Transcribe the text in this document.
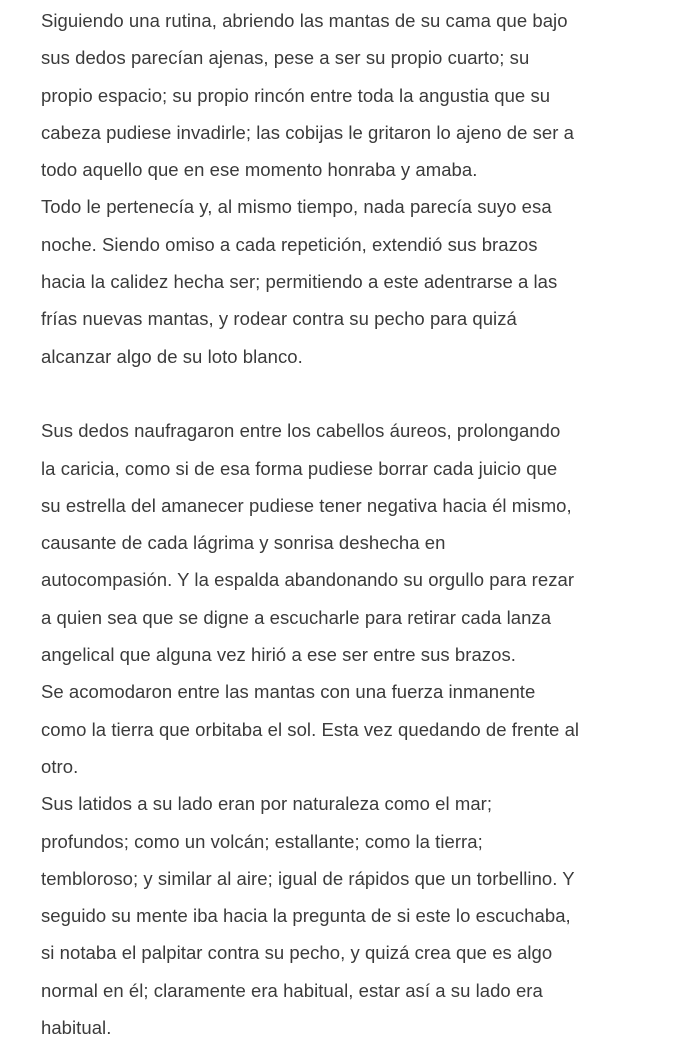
Siguiendo una rutina, abriendo las mantas de su cama que bajo
sus dedos parecían ajenas, pese a ser su propio cuarto; su
propio espacio; su propio rincón entre toda la angustia que su
cabeza pudiese invadirle; las cobijas le gritaron lo ajeno de ser a
todo aquello que en ese momento honraba y amaba.
Todo le pertenecía y, al mismo tiempo, nada parecía suyo esa
noche. Siendo omiso a cada repetición, extendió sus brazos
hacia la calidez hecha ser; permitiendo a este adentrarse a las
frías nuevas mantas, y rodear contra su pecho para quizá
alcanzar algo de su loto blanco.
Sus dedos naufragaron entre los cabellos áureos, prolongando
la caricia, como si de esa forma pudiese borrar cada juicio que
su estrella del amanecer pudiese tener negativa hacia él mismo,
causante de cada lágrima y sonrisa deshecha en
autocompasión. Y la espalda abandonando su orgullo para rezar
a quien sea que se digne a escucharle para retirar cada lanza
angelical que alguna vez hirió a ese ser entre sus brazos.
Se acomodaron entre las mantas con una fuerza inmanente
como la tierra que orbitaba el sol. Esta vez quedando de frente al
otro.
Sus latidos a su lado eran por naturaleza como el mar;
profundos; como un volcán; estallante; como la tierra;
tembloroso; y similar al aire; igual de rápidos que un torbellino. Y
seguido su mente iba hacia la pregunta de si este lo escuchaba,
si notaba el palpitar contra su pecho, y quizá crea que es algo
normal en él; claramente era habitual, estar así a su lado era
habitual.
